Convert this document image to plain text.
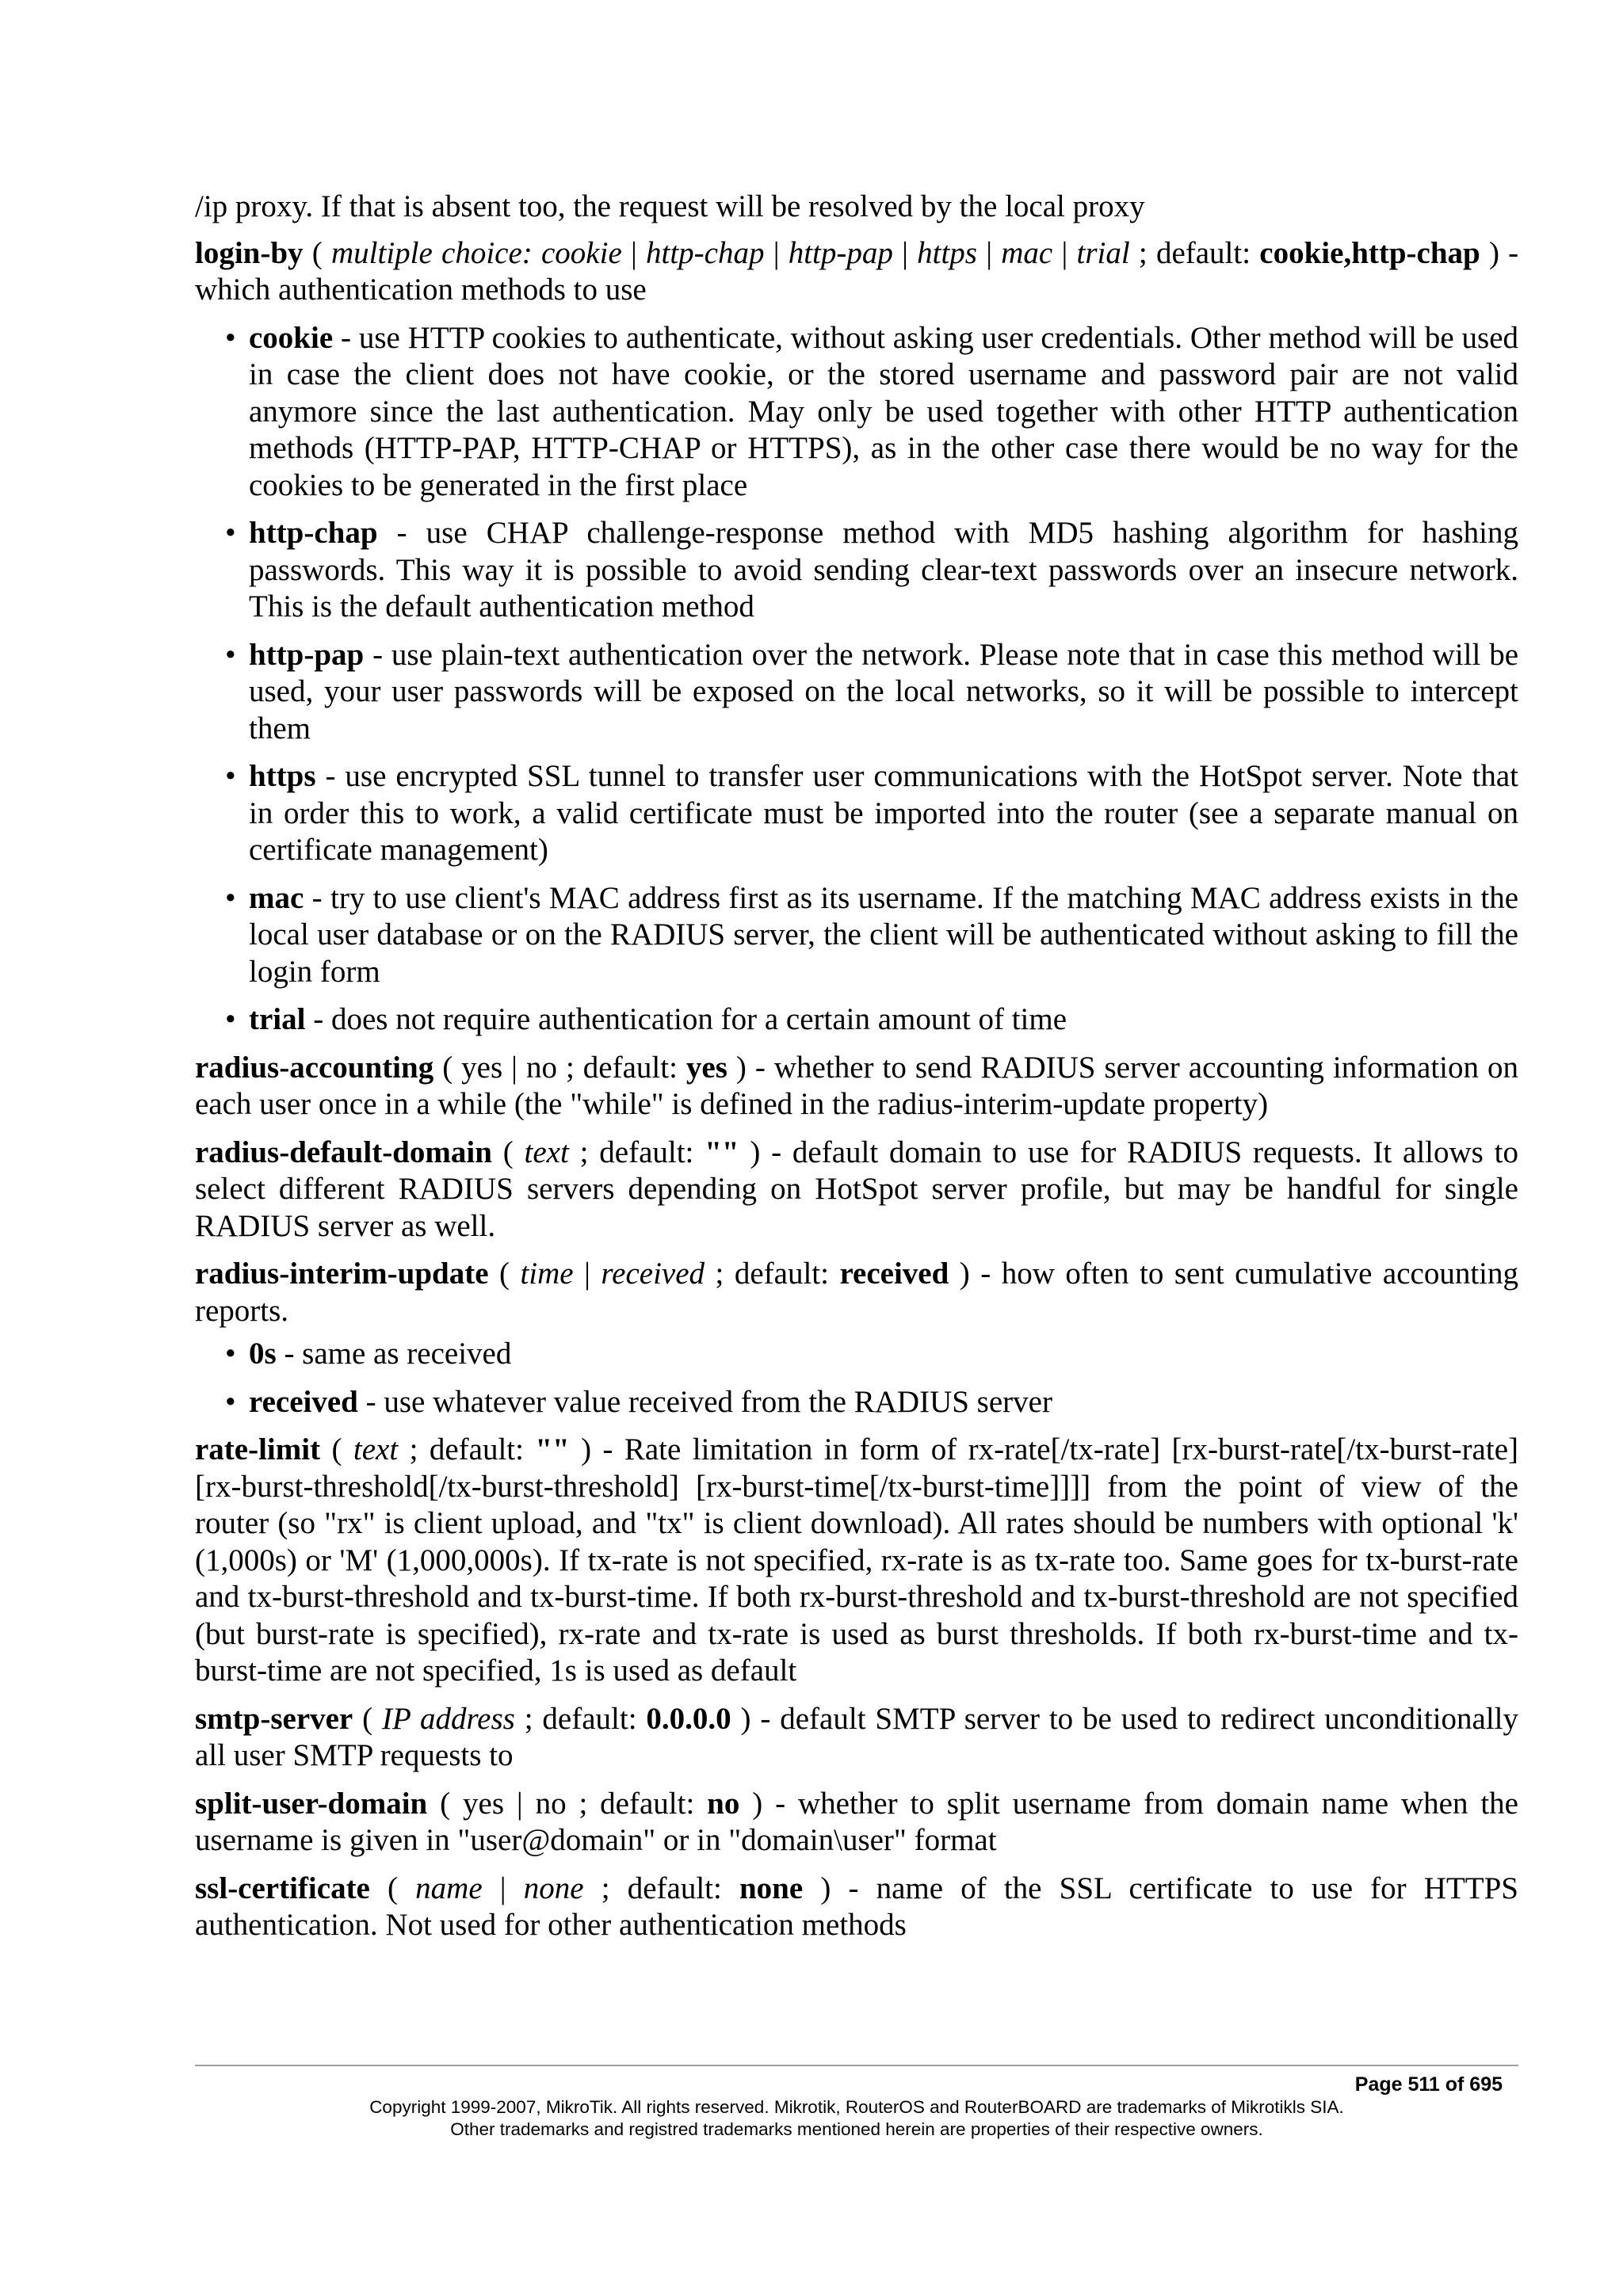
/ip proxy. If that is absent too, the request will be resolved by the local proxy

login-by ( multiple choice: cookie | http-chap | http-pap | https | mac | trial ; default: cookie,http-chap ) - which authentication methods to use

• cookie - use HTTP cookies to authenticate, without asking user credentials. Other method will be used in case the client does not have cookie, or the stored username and password pair are not valid anymore since the last authentication. May only be used together with other HTTP authentication methods (HTTP-PAP, HTTP-CHAP or HTTPS), as in the other case there would be no way for the cookies to be generated in the first place
• http-chap - use CHAP challenge-response method with MD5 hashing algorithm for hashing passwords. This way it is possible to avoid sending clear-text passwords over an insecure network. This is the default authentication method
• http-pap - use plain-text authentication over the network. Please note that in case this method will be used, your user passwords will be exposed on the local networks, so it will be possible to intercept them
• https - use encrypted SSL tunnel to transfer user communications with the HotSpot server. Note that in order this to work, a valid certificate must be imported into the router (see a separate manual on certificate management)
• mac - try to use client's MAC address first as its username. If the matching MAC address exists in the local user database or on the RADIUS server, the client will be authenticated without asking to fill the login form
• trial - does not require authentication for a certain amount of time

radius-accounting ( yes | no ; default: yes ) - whether to send RADIUS server accounting information on each user once in a while (the "while" is defined in the radius-interim-update property)

radius-default-domain ( text ; default: "" ) - default domain to use for RADIUS requests. It allows to select different RADIUS servers depending on HotSpot server profile, but may be handful for single RADIUS server as well.

radius-interim-update ( time | received ; default: received ) - how often to sent cumulative accounting reports.

• 0s - same as received
• received - use whatever value received from the RADIUS server

rate-limit ( text ; default: "" ) - Rate limitation in form of rx-rate[/tx-rate] [rx-burst-rate[/tx-burst-rate] [rx-burst-threshold[/tx-burst-threshold] [rx-burst-time[/tx-burst-time]]]] from the point of view of the router (so "rx" is client upload, and "tx" is client download). All rates should be numbers with optional 'k' (1,000s) or 'M' (1,000,000s). If tx-rate is not specified, rx-rate is as tx-rate too. Same goes for tx-burst-rate and tx-burst-threshold and tx-burst-time. If both rx-burst-threshold and tx-burst-threshold are not specified (but burst-rate is specified), rx-rate and tx-rate is used as burst thresholds. If both rx-burst-time and tx-burst-time are not specified, 1s is used as default

smtp-server ( IP address ; default: 0.0.0.0 ) - default SMTP server to be used to redirect unconditionally all user SMTP requests to

split-user-domain ( yes | no ; default: no ) - whether to split username from domain name when the username is given in "user@domain" or in "domain\user" format

ssl-certificate ( name | none ; default: none ) - name of the SSL certificate to use for HTTPS authentication. Not used for other authentication methods

Page 511 of 695
Copyright 1999-2007, MikroTik. All rights reserved. Mikrotik, RouterOS and RouterBOARD are trademarks of Mikrotikls SIA.
Other trademarks and registred trademarks mentioned herein are properties of their respective owners.
